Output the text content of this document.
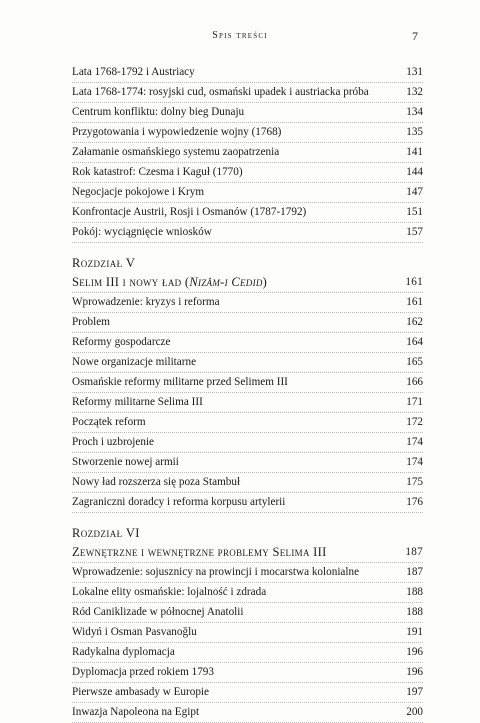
Spis treści	7
Lata 1768-1792 i Austriacy	131
Lata 1768-1774: rosyjski cud, osmański upadek i austriacka próba	132
Centrum konfliktu: dolny bieg Dunaju	134
Przygotowania i wypowiedzenie wojny (1768)	135
Załamanie osmańskiego systemu zaopatrzenia	141
Rok katastrof: Czesma i Kaguł (1770)	144
Negocjacje pokojowe i Krym	147
Konfrontacje Austrii, Rosji i Osmanów (1787-1792)	151
Pokój: wyciągnięcie wniosków	157
Rozdział V
Selim III i nowy ład (Nizâm-ı Cedid)	161
Wprowadzenie: kryzys i reforma	161
Problem	162
Reformy gospodarcze	164
Nowe organizacje militarne	165
Osmańskie reformy militarne przed Selimem III	166
Reformy militarne Selima III	171
Początek reform	172
Proch i uzbrojenie	174
Stworzenie nowej armii	174
Nowy ład rozszerza się poza Stambuł	175
Zagraniczni doradcy i reforma korpusu artylerii	176
Rozdział VI
Zewnętrzne i wewnętrzne problemy Selima III	187
Wprowadzenie: sojusznicy na prowincji i mocarstwa kolonialne	187
Lokalne elity osmańskie: lojalność i zdrada	188
Ród Caniklizade w północnej Anatolii	188
Widyń i Osman Pasvanoğlu	191
Radykalna dyplomacja	196
Dyplomacja przed rokiem 1793	196
Pierwsze ambasady w Europie	197
Inwazja Napoleona na Egipt	200
